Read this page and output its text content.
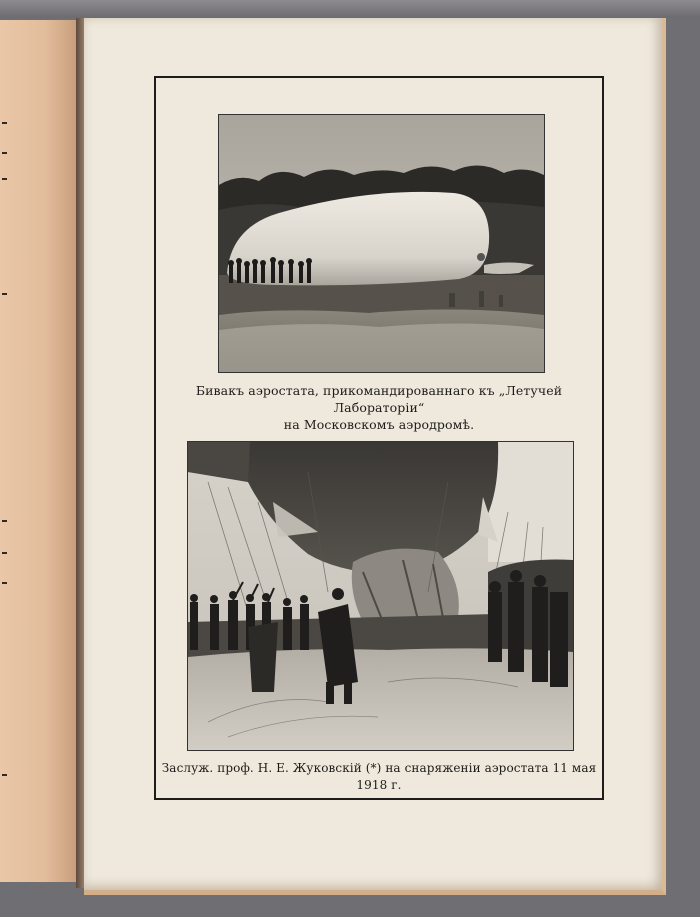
Бивакъ аэростата, прикомандированнаго къ „Летучей Лабораторіи“
на Московскомъ аэродромѣ.
Заслуж. проф. Н. Е. Жуковскій (*) на снаряженіи аэростата 11 мая 1918 г.
